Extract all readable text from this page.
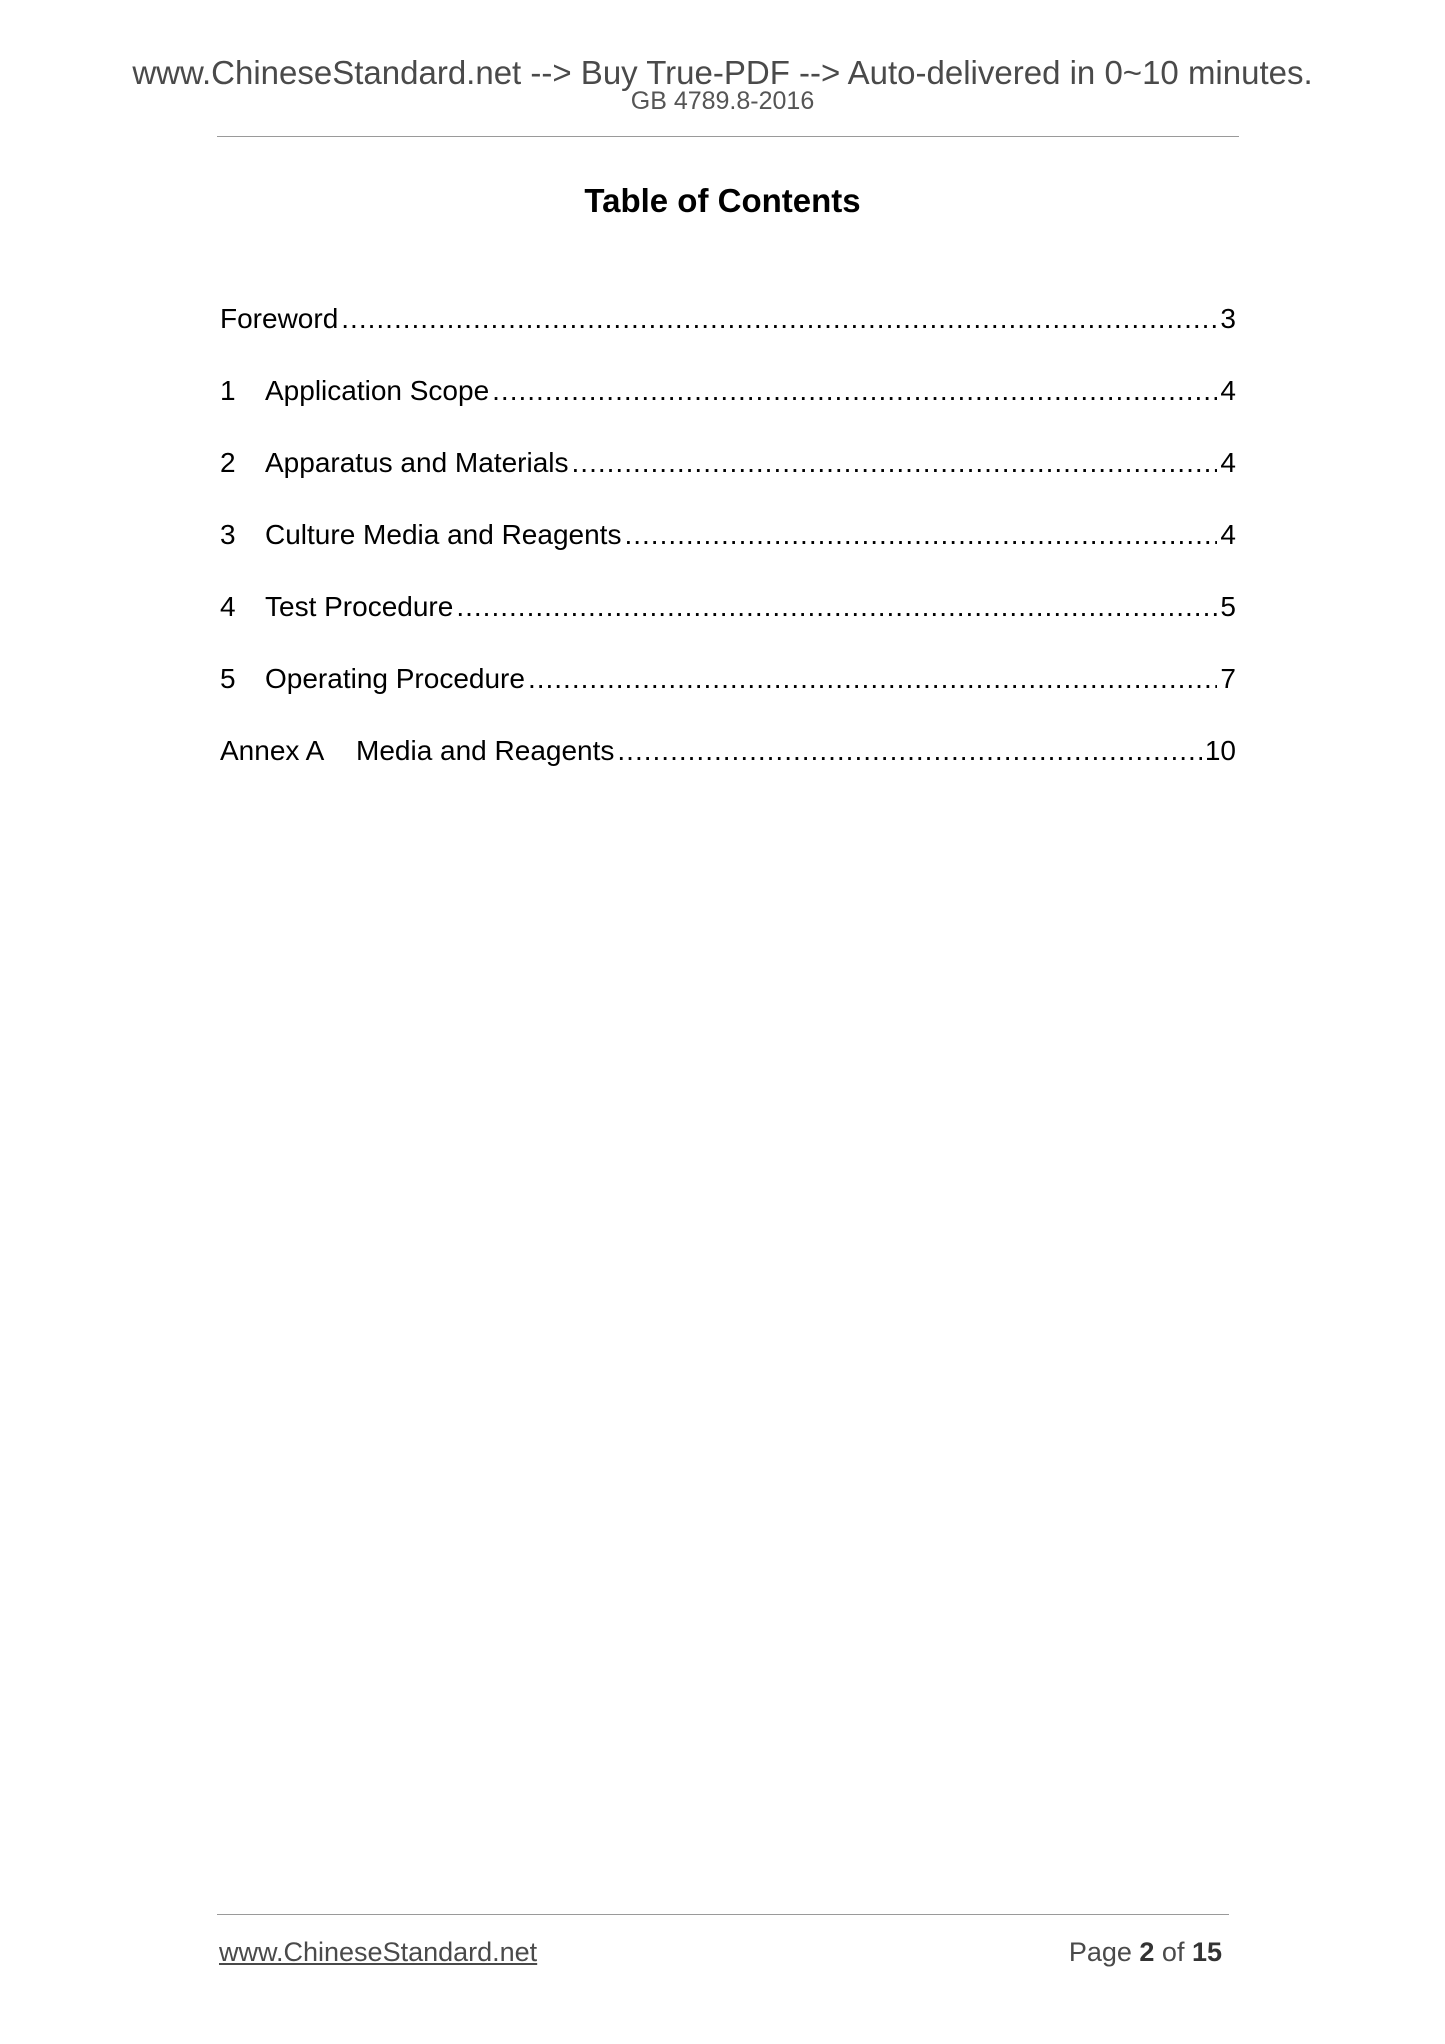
www.ChineseStandard.net --> Buy True-PDF --> Auto-delivered in 0~10 minutes.
GB 4789.8-2016
Table of Contents
Foreword .....	3
1	Application Scope .....	4
2	Apparatus and Materials .....	4
3	Culture Media and Reagents .....	4
4	Test Procedure .....	5
5	Operating Procedure .....	7
Annex A	Media and Reagents .....	10
www.ChineseStandard.net	Page 2 of 15
